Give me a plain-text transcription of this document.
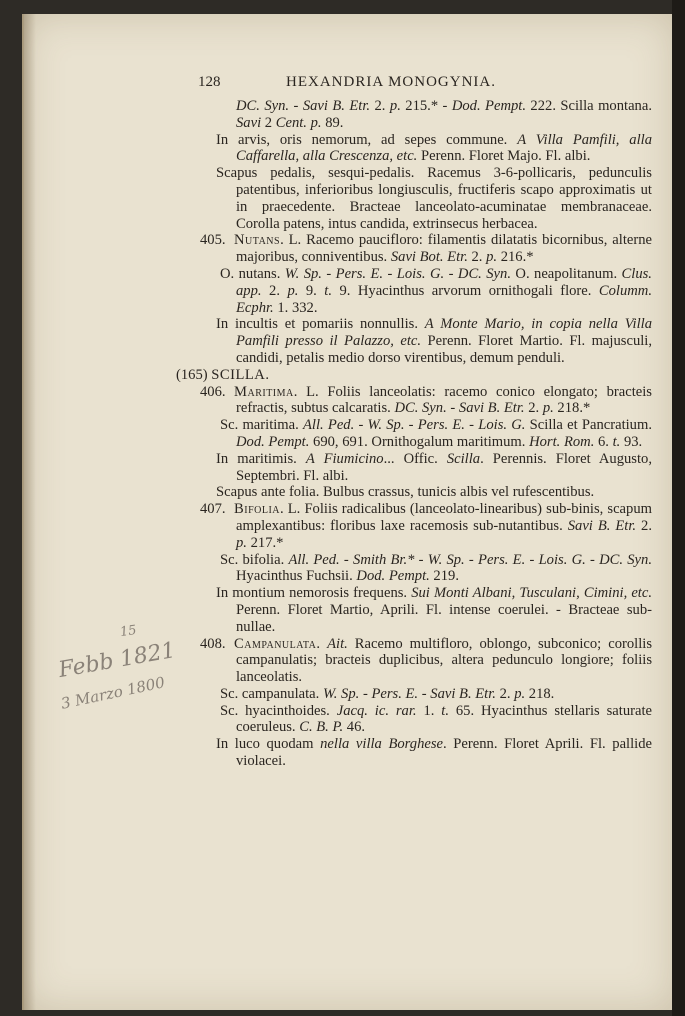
128	HEXANDRIA MONOGYNIA.

DC. Syn. - Savi B. Etr. 2. p. 215.* - Dod. Pempt. 222. Scilla montana. Savi 2 Cent. p. 89.

In arvis, oris nemorum, ad sepes commune. A Villa Pamfili, alla Caffarella, alla Crescenza, etc. Perenn. Floret Majo. Fl. albi.

Scapus pedalis, sesqui-pedalis. Racemus 3-6-pollicaris, pedunculis patentibus, inferioribus longiusculis, fructiferis scapo approximatis ut in praecedente. Bracteae lanceolato-acuminatae membranaceae. Corolla patens, intus candida, extrinsecus herbacea.

405. Nutans. L. Racemo paucifloro: filamentis dilatatis bicornibus, alterne majoribus, conniventibus. Savi Bot. Etr. 2. p. 216.*

O. nutans. W. Sp. - Pers. E. - Lois. G. - DC. Syn. O. neapolitanum. Clus. app. 2. p. 9. t. 9. Hyacinthus arvorum ornithogali flore. Columm. Ecphr. 1. 332.

In incultis et pomariis nonnullis. A Monte Mario, in copia nella Villa Pamfili presso il Palazzo, etc. Perenn. Floret Martio. Fl. majusculi, candidi, petalis medio dorso virentibus, demum penduli.

(165) SCILLA.

406. Maritima. L. Foliis lanceolatis: racemo conico elongato; bracteis refractis, subtus calcaratis. DC. Syn. - Savi B. Etr. 2. p. 218.*

Sc. maritima. All. Ped. - W. Sp. - Pers. E. - Lois. G. Scilla et Pancratium. Dod. Pempt. 690, 691. Ornithogalum maritimum. Hort. Rom. 6. t. 93.

In maritimis. A Fiumicino... Offic. Scilla. Perennis. Floret Augusto, Septembri. Fl. albi.

Scapus ante folia. Bulbus crassus, tunicis albis vel rufescentibus.

407. Bifolia. L. Foliis radicalibus (lanceolato-linearibus) sub-binis, scapum amplexantibus: floribus laxe racemosis sub-nutantibus. Savi B. Etr. 2. p. 217.*

Sc. bifolia. All. Ped. - Smith Br.* - W. Sp. - Pers. E. - Lois. G. - DC. Syn. Hyacinthus Fuchsii. Dod. Pempt. 219.

In montium nemorosis frequens. Sui Monti Albani, Tusculani, Cimini, etc. Perenn. Floret Martio, Aprili. Fl. intense coerulei. - Bracteae sub-nullae.

408. Campanulata. Ait. Racemo multifloro, oblongo, subconico; corollis campanulatis; bracteis duplicibus, altera pedunculo longiore; foliis lanceolatis.

Sc. campanulata. W. Sp. - Pers. E. - Savi B. Etr. 2. p. 218.

Sc. hyacinthoides. Jacq. ic. rar. 1. t. 65. Hyacinthus stellaris saturate coeruleus. C. B. P. 46.

In luco quodam nella villa Borghese. Perenn. Floret Aprili. Fl. pallide violacei.

15
Febb 1821
3 Marzo 1800
